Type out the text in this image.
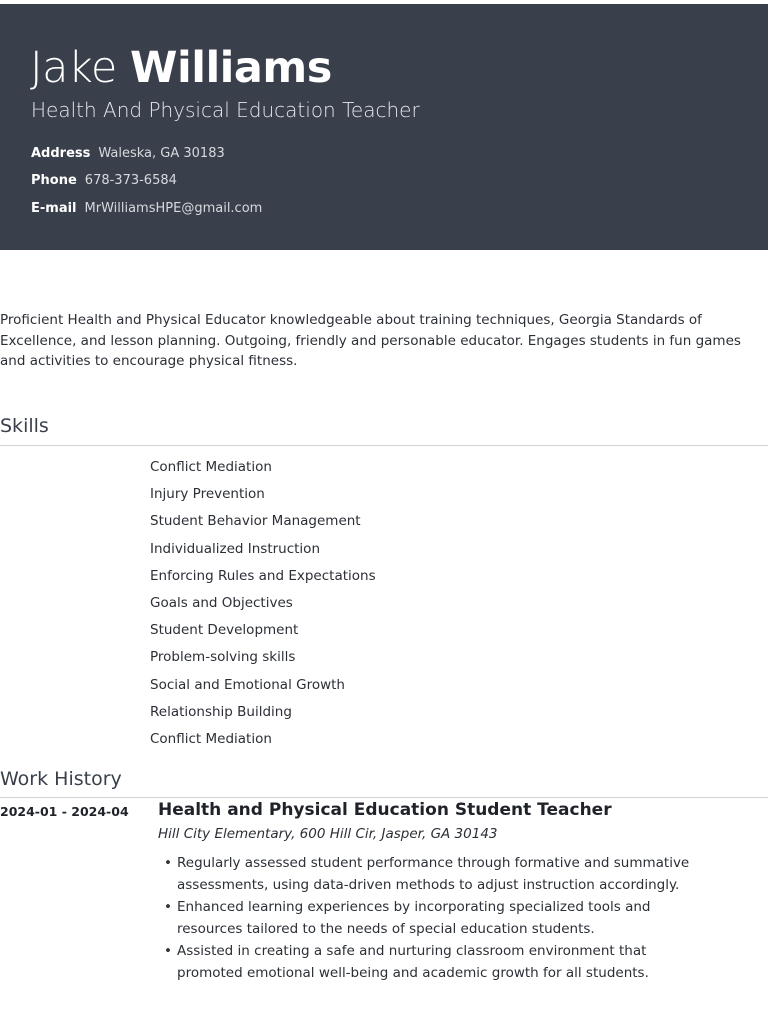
Jake Williams
Health And Physical Education Teacher
Address Waleska, GA 30183
Phone 678-373-6584
E-mail MrWilliamsHPE@gmail.com
Proficient Health and Physical Educator knowledgeable about training techniques, Georgia Standards of Excellence, and lesson planning. Outgoing, friendly and personable educator. Engages students in fun games and activities to encourage physical fitness.
Skills
Conflict Mediation
Injury Prevention
Student Behavior Management
Individualized Instruction
Enforcing Rules and Expectations
Goals and Objectives
Student Development
Problem-solving skills
Social and Emotional Growth
Relationship Building
Conflict Mediation
Work History
2024-01 - 2024-04 Health and Physical Education Student Teacher
Hill City Elementary, 600 Hill Cir, Jasper, GA 30143
• Regularly assessed student performance through formative and summative assessments, using data-driven methods to adjust instruction accordingly.
• Enhanced learning experiences by incorporating specialized tools and resources tailored to the needs of special education students.
• Assisted in creating a safe and nurturing classroom environment that promoted emotional well-being and academic growth for all students.
